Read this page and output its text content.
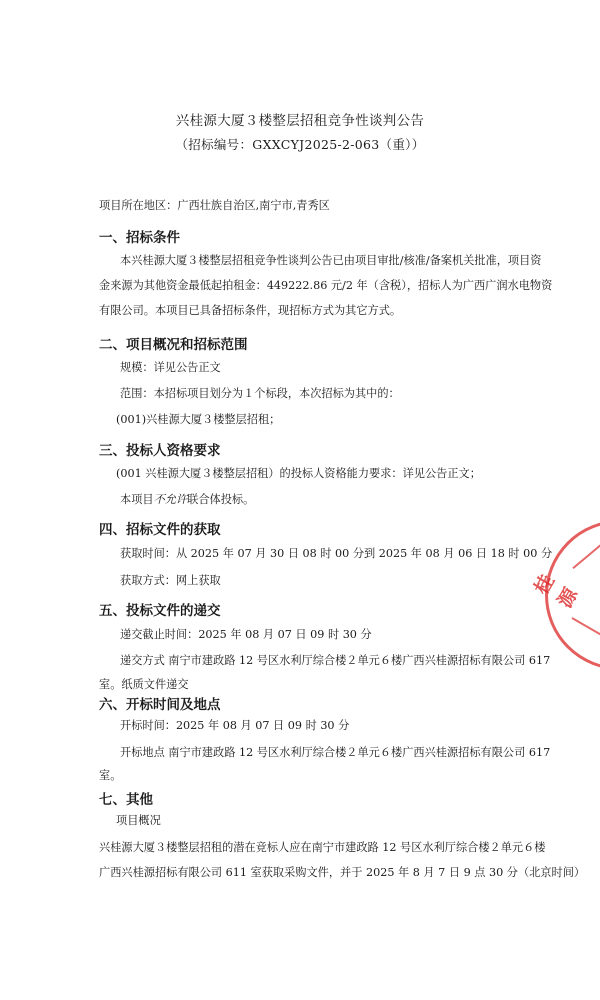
兴桂源大厦３楼整层招租竞争性谈判公告
（招标编号：GXXCYJ2025-2-063（重））
项目所在地区：广西壮族自治区,南宁市,青秀区
一、招标条件
本兴桂源大厦３楼整层招租竞争性谈判公告已由项目审批/核准/备案机关批准，项目资
金来源为其他资金最低起拍租金：449222.86 元/2 年（含税），招标人为广西广润水电物资
有限公司。本项目已具备招标条件，现招标方式为其它方式。
二、项目概况和招标范围
规模：详见公告正文
范围：本招标项目划分为１个标段，本次招标为其中的：
(001)兴桂源大厦３楼整层招租；
三、投标人资格要求
(001 兴桂源大厦３楼整层招租）的投标人资格能力要求：详见公告正文；
本项目不允许联合体投标。
四、招标文件的获取
获取时间：从 2025 年 07 月 30 日 08 时 00 分到 2025 年 08 月 06 日 18 时 00 分
获取方式：网上获取
五、投标文件的递交
递交截止时间：2025 年 08 月 07 日 09 时 30 分
递交方式 南宁市建政路 12 号区水利厅综合楼２单元６楼广西兴桂源招标有限公司 617
室。纸质文件递交
六、开标时间及地点
开标时间：2025 年 08 月 07 日 09 时 30 分
开标地点 南宁市建政路 12 号区水利厅综合楼２单元６楼广西兴桂源招标有限公司 617
室。
七、其他
项目概况
兴桂源大厦３楼整层招租的潜在竞标人应在南宁市建政路 12 号区水利厅综合楼２单元６楼
广西兴桂源招标有限公司 611 室获取采购文件，并于 2025 年 8 月 7 日 9 点 30 分（北京时间）
桂源
